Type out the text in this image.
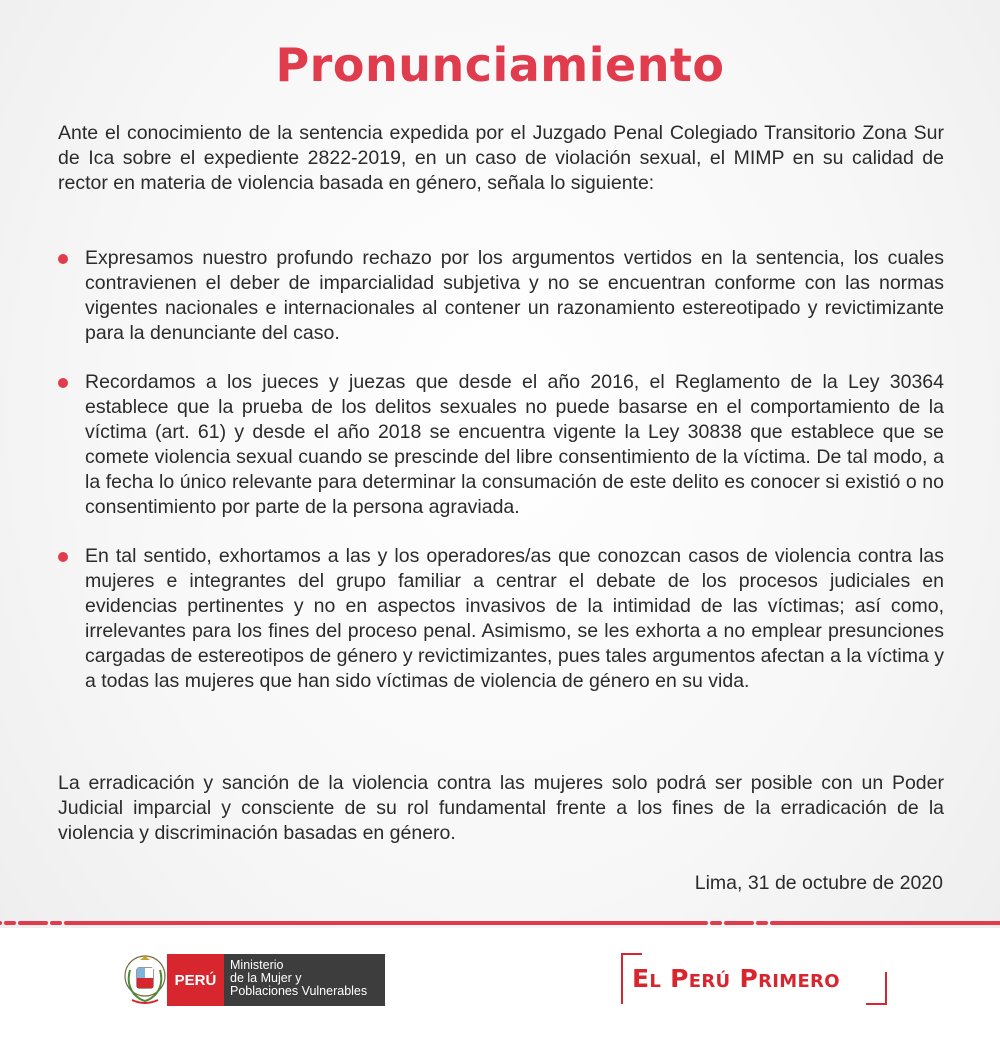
Pronunciamiento

Ante el conocimiento de la sentencia expedida por el Juzgado Penal Colegiado Transitorio Zona Sur de Ica sobre el expediente 2822-2019, en un caso de violación sexual, el MIMP en su calidad de rector en materia de violencia basada en género, señala lo siguiente:

Expresamos nuestro profundo rechazo por los argumentos vertidos en la sentencia, los cuales contravienen el deber de imparcialidad subjetiva y no se encuentran conforme con las normas vigentes nacionales e internacionales al contener un razonamiento estereotipado y revictimizante para la denunciante del caso.
Recordamos a los jueces y juezas que desde el año 2016, el Reglamento de la Ley 30364 establece que la prueba de los delitos sexuales no puede basarse en el comportamiento de la víctima (art. 61) y desde el año 2018 se encuentra vigente la Ley 30838 que establece que se comete violencia sexual cuando se prescinde del libre consentimiento de la víctima. De tal modo, a la fecha lo único relevante para determinar la consumación de este delito es conocer si existió o no consentimiento por parte de la persona agraviada.
En tal sentido, exhortamos a las y los operadores/as que conozcan casos de violencia contra las mujeres e integrantes del grupo familiar a centrar el debate de los procesos judiciales en evidencias pertinentes y no en aspectos invasivos de la intimidad de las víctimas; así como, irrelevantes para los fines del proceso penal. Asimismo, se les exhorta a no emplear presunciones cargadas de estereotipos de género y revictimizantes, pues tales argumentos afectan a la víctima y a todas las mujeres que han sido víctimas de violencia de género en su vida.

La erradicación y sanción de la violencia contra las mujeres solo podrá ser posible con un Poder Judicial imparcial y consciente de su rol fundamental frente a los fines de la erradicación de la violencia y discriminación basadas en género.

Lima, 31 de octubre de 2020

PERÚ
Ministerio
de la Mujer y
Poblaciones Vulnerables	El Perú Primero
